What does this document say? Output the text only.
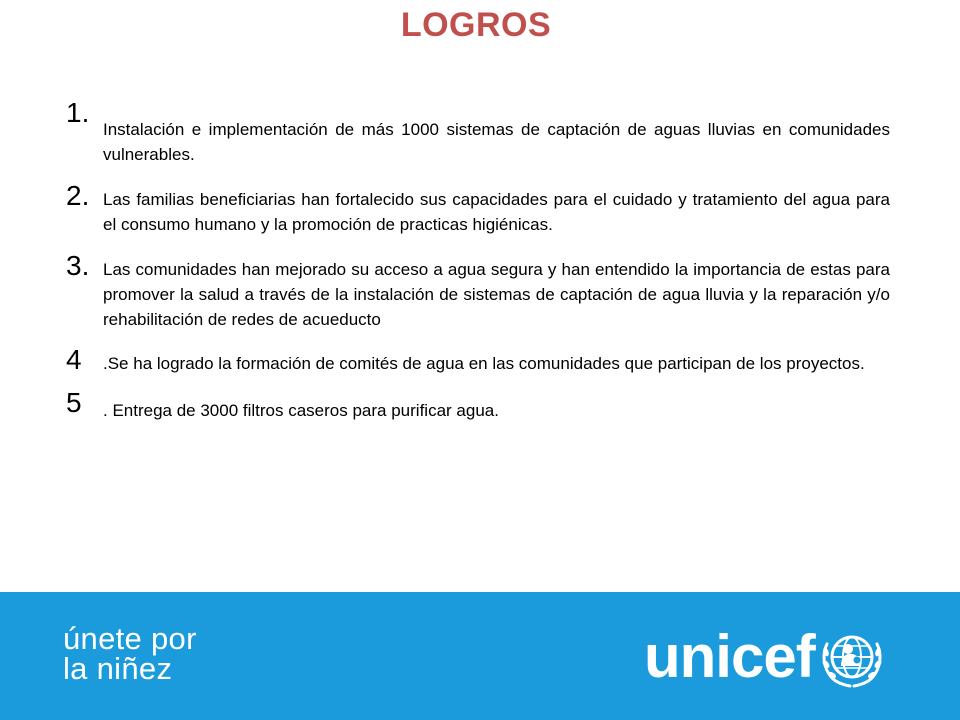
LOGROS
1.
Instalación e implementación de más 1000 sistemas de captación de aguas lluvias en comunidades vulnerables.
2. Las familias beneficiarias han fortalecido sus capacidades para el cuidado y tratamiento del agua para el consumo humano y la promoción de practicas higiénicas.
3. Las comunidades han mejorado su acceso a agua segura y han entendido la importancia de estas para promover la salud a través de la instalación de sistemas de captación de agua lluvia y la reparación y/o rehabilitación de redes de acueducto
4 .Se ha logrado la formación de comités de agua en las comunidades que participan de los proyectos.
5 . Entrega de 3000 filtros caseros para purificar agua.
únete por
la niñez	unicef
